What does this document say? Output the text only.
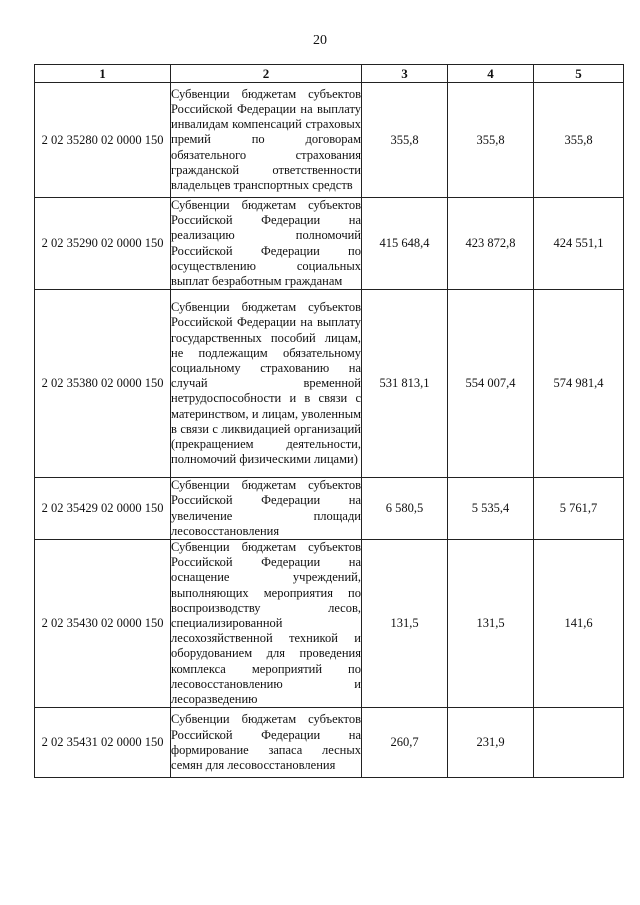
20
1	2	3	4	5
2 02 35280 02 0000 150	Субвенции бюджетам субъектов Российской Федерации на выплату инвалидам компенсаций страховых премий по договорам обязательного страхования гражданской ответственности владельцев транспортных средств	355,8	355,8	355,8
2 02 35290 02 0000 150	Субвенции бюджетам субъектов Российской Федерации на реализацию полномочий Российской Федерации по осуществлению социальных выплат безработным гражданам	415 648,4	423 872,8	424 551,1
2 02 35380 02 0000 150	Субвенции бюджетам субъектов Российской Федерации на выплату государственных пособий лицам, не подлежащим обязательному социальному страхованию на случай временной нетрудоспособности и в связи с материнством, и лицам, уволенным в связи с ликвидацией организаций (прекращением деятельности, полномочий физическими лицами)	531 813,1	554 007,4	574 981,4
2 02 35429 02 0000 150	Субвенции бюджетам субъектов Российской Федерации на увеличение площади лесовосстановления	6 580,5	5 535,4	5 761,7
2 02 35430 02 0000 150	Субвенции бюджетам субъектов Российской Федерации на оснащение учреждений, выполняющих мероприятия по воспроизводству лесов, специализированной лесохозяйственной техникой и оборудованием для проведения комплекса мероприятий по лесовосстановлению и лесоразведению	131,5	131,5	141,6
2 02 35431 02 0000 150	Субвенции бюджетам субъектов Российской Федерации на формирование запаса лесных семян для лесовосстановления	260,7	231,9	
